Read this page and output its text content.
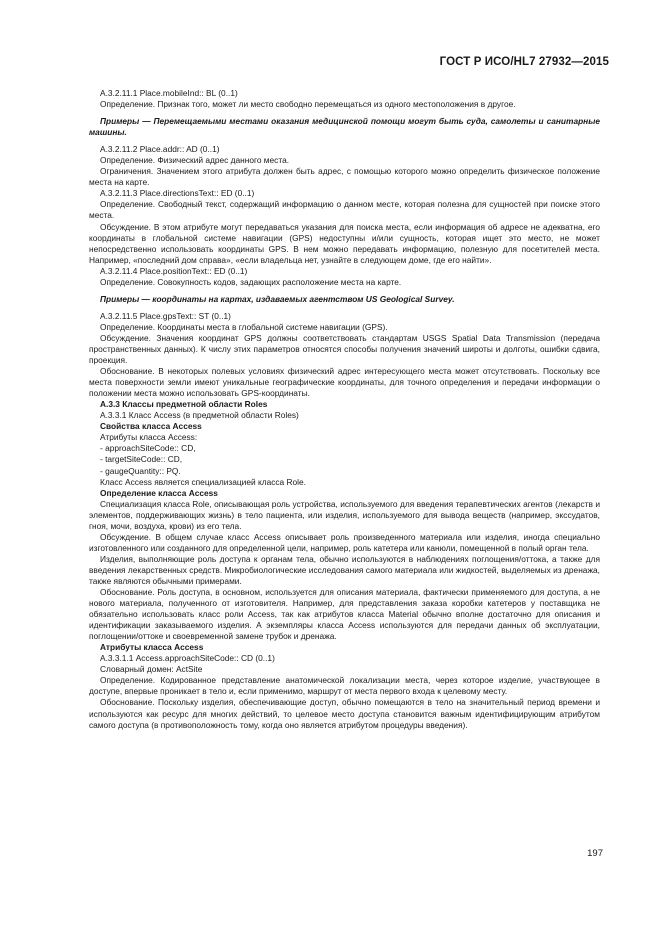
ГОСТ Р ИСО/HL7 27932—2015

А.3.2.11.1 Place.mobileInd:: BL (0..1)

Определение. Признак того, может ли место свободно перемещаться из одного местоположения в другое.

Примеры — Перемещаемыми местами оказания медицинской помощи могут быть суда, самолеты и санитарные машины.

А.3.2.11.2 Place.addr:: AD (0..1)

Определение. Физический адрес данного места.

Ограничения. Значением этого атрибута должен быть адрес, с помощью которого можно определить физическое положение места на карте.

А.3.2.11.3 Place.directionsText:: ED (0..1)

Определение. Свободный текст, содержащий информацию о данном месте, которая полезна для сущностей при поиске этого места.

Обсуждение. В этом атрибуте могут передаваться указания для поиска места, если информация об адресе не адекватна, его координаты в глобальной системе навигации (GPS) недоступны и/или сущность, которая ищет это место, не может непосредственно использовать координаты GPS. В нем можно передавать информацию, полезную для посетителей места. Например, «последний дом справа», «если владельца нет, узнайте в следующем доме, где его найти».

А.3.2.11.4 Place.positionText:: ED (0..1)

Определение. Совокупность кодов, задающих расположение места на карте.

Примеры — координаты на картах, издаваемых агентством US Geological Survey.

А.3.2.11.5 Place.gpsText:: ST (0..1)

Определение. Координаты места в глобальной системе навигации (GPS).

Обсуждение. Значения координат GPS должны соответствовать стандартам USGS Spatial Data Transmission (передача пространственных данных). К числу этих параметров относятся способы получения значений широты и долготы, ошибки сдвига, проекция.

Обоснование. В некоторых полевых условиях физический адрес интересующего места может отсутствовать. Поскольку все места поверхности земли имеют уникальные географические координаты, для точного определения и передачи информации о положении места можно использовать GPS-координаты.

А.3.3 Классы предметной области Roles

А.3.3.1 Класс Access (в предметной области Roles)

Свойства класса Access

Атрибуты класса Access:

- approachSiteCode:: CD,

- targetSiteCode:: CD,

- gaugeQuantity:: PQ.

Класс Access является специализацией класса Role.

Определение класса Access

Специализация класса Role, описывающая роль устройства, используемого для введения терапевтических агентов (лекарств и элементов, поддерживающих жизнь) в тело пациента, или изделия, используемого для вывода веществ (например, экссудатов, гноя, мочи, воздуха, крови) из его тела.

Обсуждение. В общем случае класс Access описывает роль произведенного материала или изделия, иногда специально изготовленного или созданного для определенной цели, например, роль катетера или канюли, помещенной в полый орган тела.

Изделия, выполняющие роль доступа к органам тела, обычно используются в наблюдениях поглощения/оттока, а также для введения лекарственных средств. Микробиологические исследования самого материала или жидкостей, выделяемых из дренажа, также являются обычными примерами.

Обоснование. Роль доступа, в основном, используется для описания материала, фактически применяемого для доступа, а не нового материала, полученного от изготовителя. Например, для представления заказа коробки катетеров у поставщика не обязательно использовать класс роли Access, так как атрибутов класса Material обычно вполне достаточно для описания и идентификации заказываемого изделия. А экземпляры класса Access используются для передачи данных об эксплуатации, поглощении/оттоке и своевременной замене трубок и дренажа.

Атрибуты класса Access

А.3.3.1.1 Access.approachSiteCode:: CD (0..1)

Словарный домен: ActSite

Определение. Кодированное представление анатомической локализации места, через которое изделие, участвующее в доступе, впервые проникает в тело и, если применимо, маршрут от места первого входа к целевому месту.

Обоснование. Поскольку изделия, обеспечивающие доступ, обычно помещаются в тело на значительный период времени и используются как ресурс для многих действий, то целевое место доступа становится важным идентифицирующим атрибутом самого доступа (в противоположность тому, когда оно является атрибутом процедуры введения).

197
